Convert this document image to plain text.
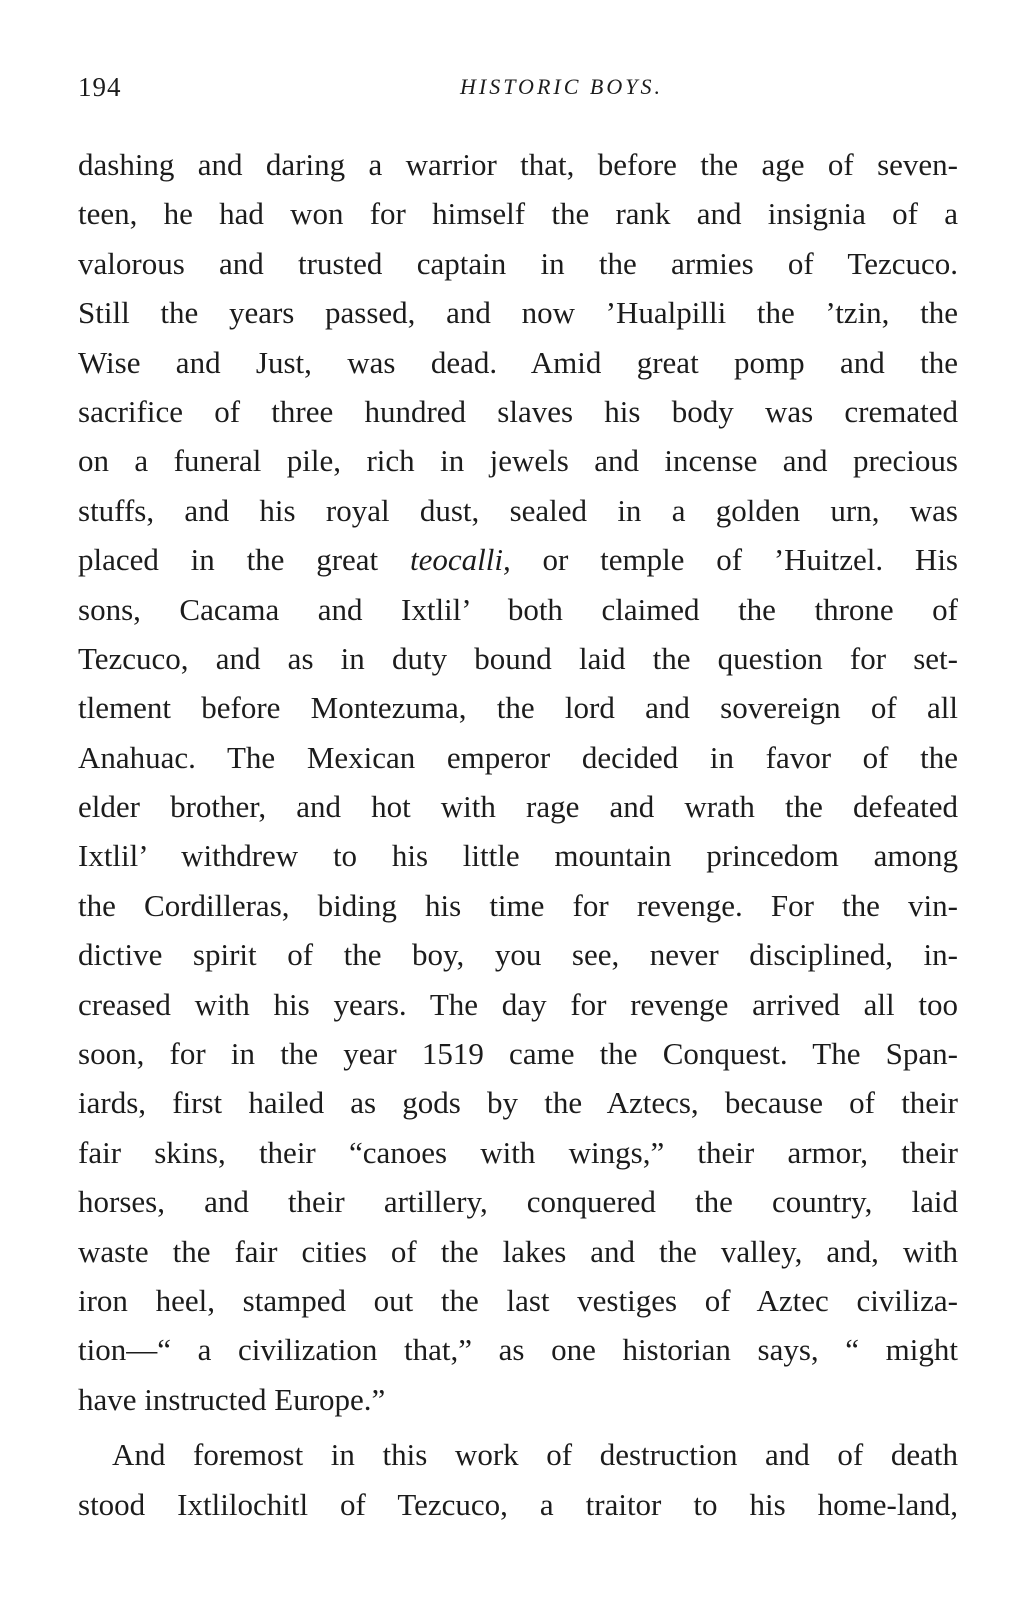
194	HISTORIC BOYS.
dashing and daring a warrior that, before the age of seven-
teen, he had won for himself the rank and insignia of a
valorous and trusted captain in the armies of Tezcuco.
Still the years passed, and now ’Hualpilli the ’tzin, the
Wise and Just, was dead. Amid great pomp and the
sacrifice of three hundred slaves his body was cremated
on a funeral pile, rich in jewels and incense and precious
stuffs, and his royal dust, sealed in a golden urn, was
placed in the great teocalli, or temple of ’Huitzel. His
sons, Cacama and Ixtlil’ both claimed the throne of
Tezcuco, and as in duty bound laid the question for set-
tlement before Montezuma, the lord and sovereign of all
Anahuac. The Mexican emperor decided in favor of the
elder brother, and hot with rage and wrath the defeated
Ixtlil’ withdrew to his little mountain princedom among
the Cordilleras, biding his time for revenge. For the vin-
dictive spirit of the boy, you see, never disciplined, in-
creased with his years. The day for revenge arrived all too
soon, for in the year 1519 came the Conquest. The Span-
iards, first hailed as gods by the Aztecs, because of their
fair skins, their “canoes with wings,” their armor, their
horses, and their artillery, conquered the country, laid
waste the fair cities of the lakes and the valley, and, with
iron heel, stamped out the last vestiges of Aztec civiliza-
tion—“ a civilization that,” as one historian says, “ might
have instructed Europe.”
And foremost in this work of destruction and of death
stood Ixtlilochitl of Tezcuco, a traitor to his home-land,
